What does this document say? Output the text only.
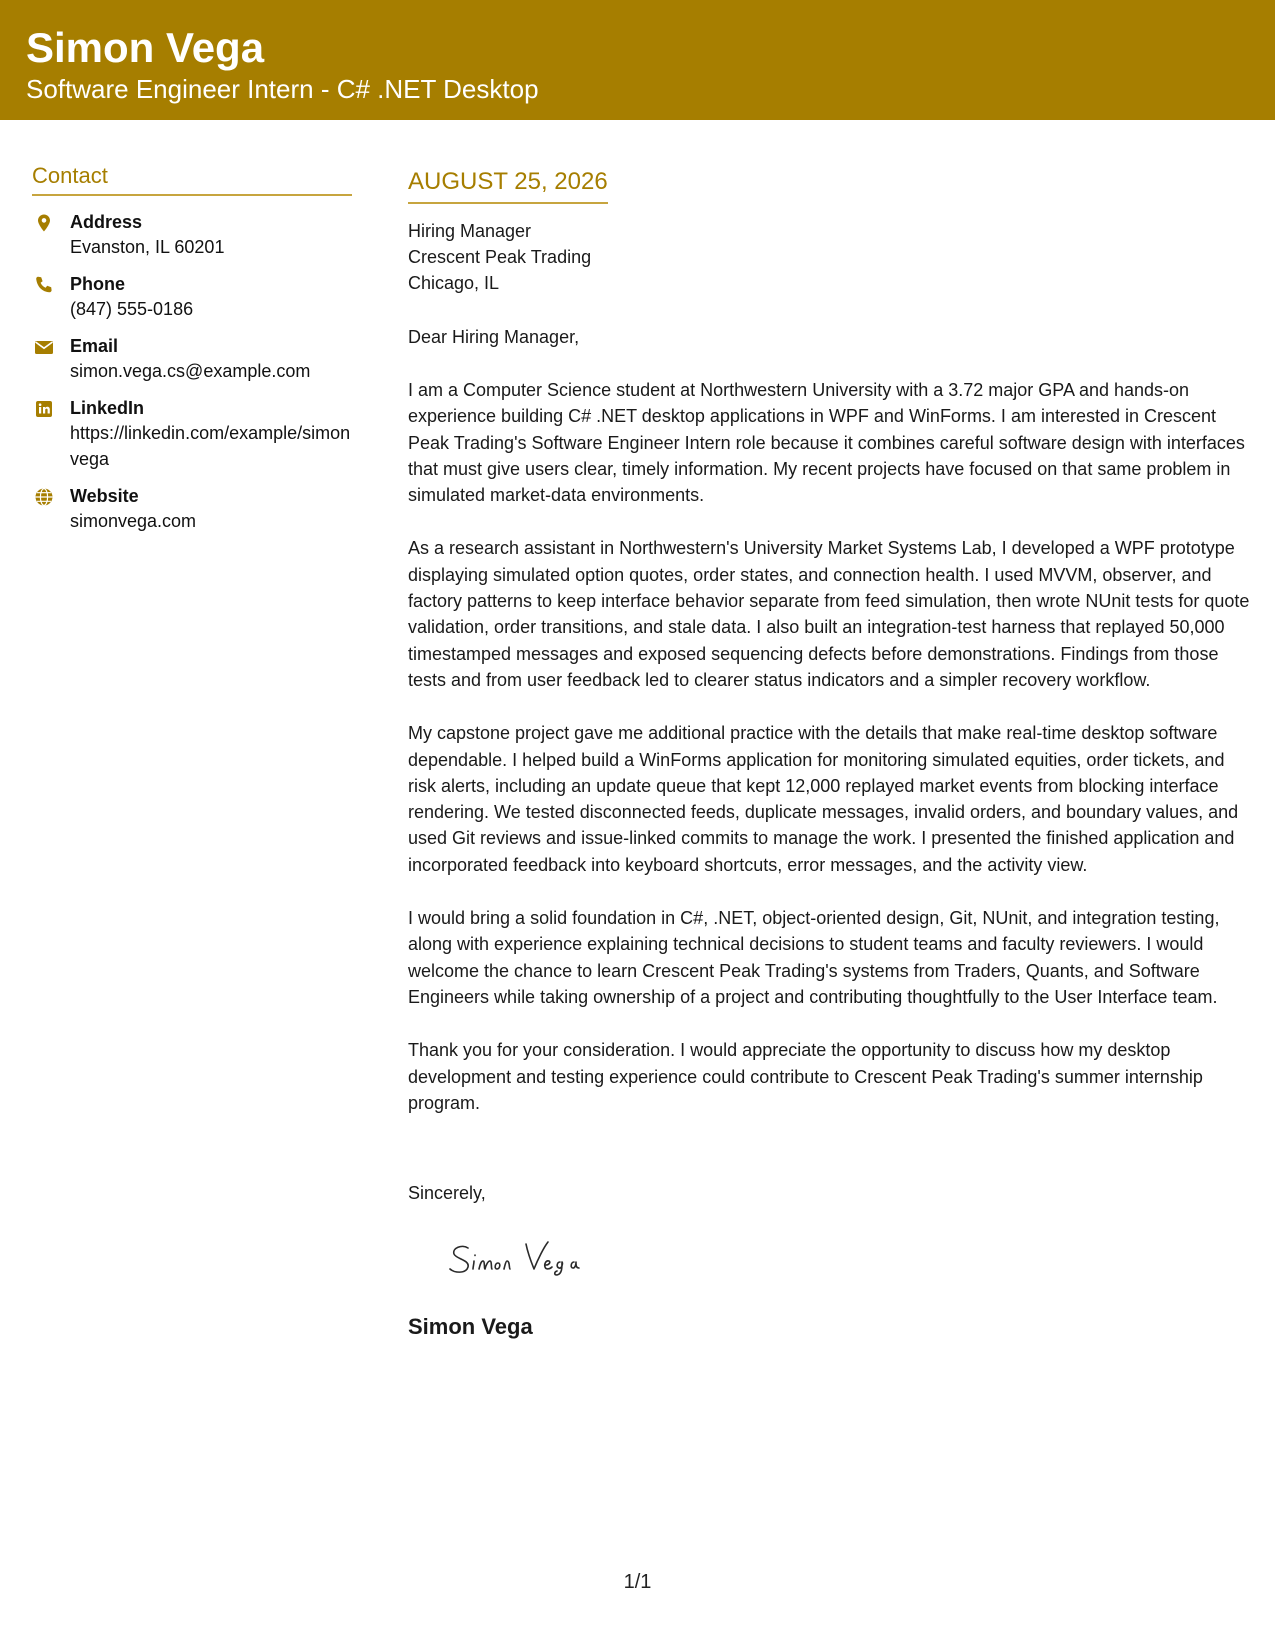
Simon Vega
Software Engineer Intern - C# .NET Desktop
Contact
Address
Evanston, IL 60201
Phone
(847) 555-0186
Email
simon.vega.cs@example.com
LinkedIn
https://linkedin.com/example/simonvega
Website
simonvega.com
AUGUST 25, 2026
Hiring Manager
Crescent Peak Trading
Chicago, IL
Dear Hiring Manager,
I am a Computer Science student at Northwestern University with a 3.72 major GPA and hands-on experience building C# .NET desktop applications in WPF and WinForms. I am interested in Crescent Peak Trading's Software Engineer Intern role because it combines careful software design with interfaces that must give users clear, timely information. My recent projects have focused on that same problem in simulated market-data environments.
As a research assistant in Northwestern's University Market Systems Lab, I developed a WPF prototype displaying simulated option quotes, order states, and connection health. I used MVVM, observer, and factory patterns to keep interface behavior separate from feed simulation, then wrote NUnit tests for quote validation, order transitions, and stale data. I also built an integration-test harness that replayed 50,000 timestamped messages and exposed sequencing defects before demonstrations. Findings from those tests and from user feedback led to clearer status indicators and a simpler recovery workflow.
My capstone project gave me additional practice with the details that make real-time desktop software dependable. I helped build a WinForms application for monitoring simulated equities, order tickets, and risk alerts, including an update queue that kept 12,000 replayed market events from blocking interface rendering. We tested disconnected feeds, duplicate messages, invalid orders, and boundary values, and used Git reviews and issue-linked commits to manage the work. I presented the finished application and incorporated feedback into keyboard shortcuts, error messages, and the activity view.
I would bring a solid foundation in C#, .NET, object-oriented design, Git, NUnit, and integration testing, along with experience explaining technical decisions to student teams and faculty reviewers. I would welcome the chance to learn Crescent Peak Trading's systems from Traders, Quants, and Software Engineers while taking ownership of a project and contributing thoughtfully to the User Interface team.
Thank you for your consideration. I would appreciate the opportunity to discuss how my desktop development and testing experience could contribute to Crescent Peak Trading's summer internship program.
Sincerely,
Simon Vega
1/1
